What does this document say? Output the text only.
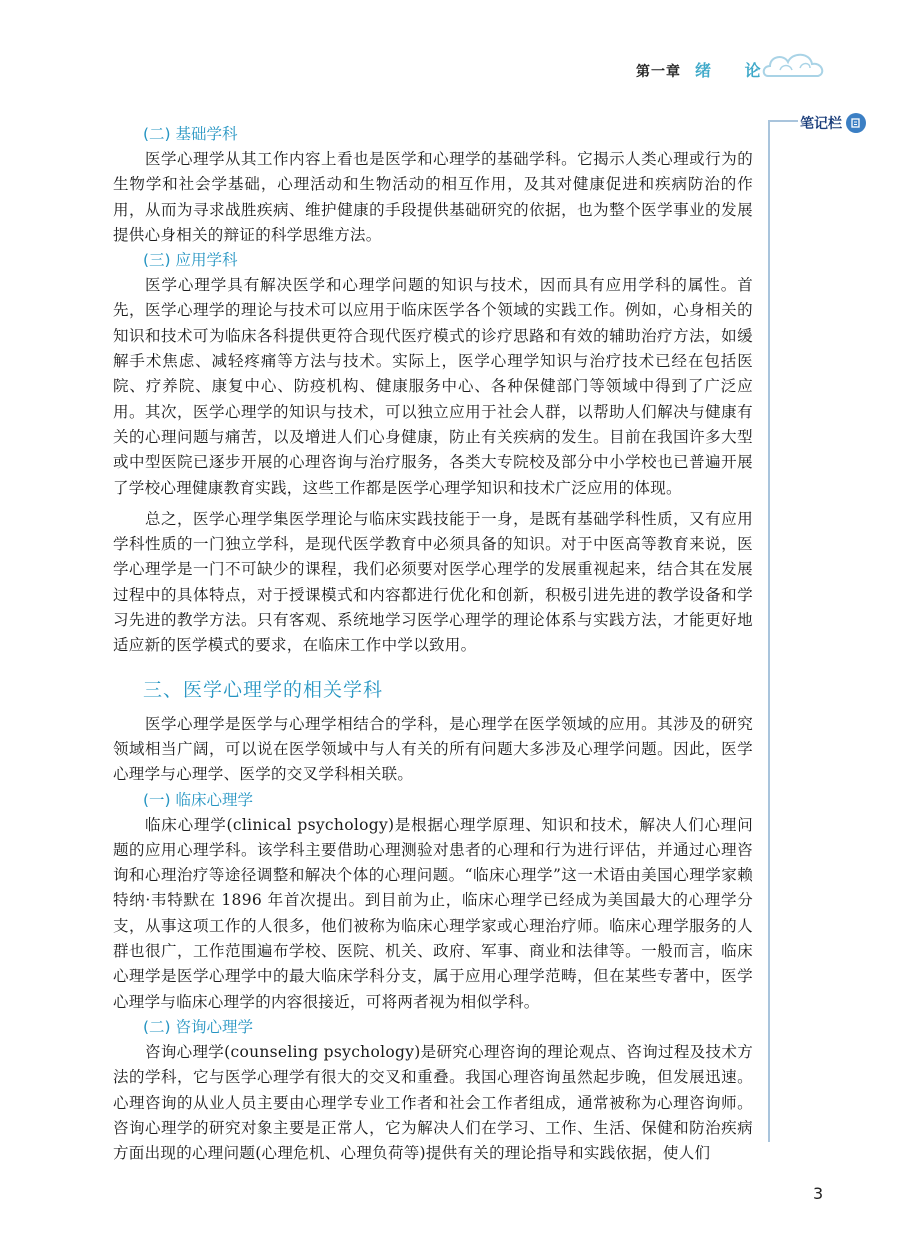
第一章 绪 论
笔记栏
(二) 基础学科

医学心理学从其工作内容上看也是医学和心理学的基础学科。它揭示人类心理或行为的生物学和社会学基础，心理活动和生物活动的相互作用，及其对健康促进和疾病防治的作用，从而为寻求战胜疾病、维护健康的手段提供基础研究的依据，也为整个医学事业的发展提供心身相关的辩证的科学思维方法。

(三) 应用学科

医学心理学具有解决医学和心理学问题的知识与技术，因而具有应用学科的属性。首先，医学心理学的理论与技术可以应用于临床医学各个领域的实践工作。例如，心身相关的知识和技术可为临床各科提供更符合现代医疗模式的诊疗思路和有效的辅助治疗方法，如缓解手术焦虑、减轻疼痛等方法与技术。实际上，医学心理学知识与治疗技术已经在包括医院、疗养院、康复中心、防疫机构、健康服务中心、各种保健部门等领域中得到了广泛应用。其次，医学心理学的知识与技术，可以独立应用于社会人群，以帮助人们解决与健康有关的心理问题与痛苦，以及增进人们心身健康，防止有关疾病的发生。目前在我国许多大型或中型医院已逐步开展的心理咨询与治疗服务，各类大专院校及部分中小学校也已普遍开展了学校心理健康教育实践，这些工作都是医学心理学知识和技术广泛应用的体现。

总之，医学心理学集医学理论与临床实践技能于一身，是既有基础学科性质，又有应用学科性质的一门独立学科，是现代医学教育中必须具备的知识。对于中医高等教育来说，医学心理学是一门不可缺少的课程，我们必须要对医学心理学的发展重视起来，结合其在发展过程中的具体特点，对于授课模式和内容都进行优化和创新，积极引进先进的教学设备和学习先进的教学方法。只有客观、系统地学习医学心理学的理论体系与实践方法，才能更好地适应新的医学模式的要求，在临床工作中学以致用。

三、医学心理学的相关学科

医学心理学是医学与心理学相结合的学科，是心理学在医学领域的应用。其涉及的研究领域相当广阔，可以说在医学领域中与人有关的所有问题大多涉及心理学问题。因此，医学心理学与心理学、医学的交叉学科相关联。

(一) 临床心理学

临床心理学(clinical psychology)是根据心理学原理、知识和技术，解决人们心理问题的应用心理学科。该学科主要借助心理测验对患者的心理和行为进行评估，并通过心理咨询和心理治疗等途径调整和解决个体的心理问题。“临床心理学”这一术语由美国心理学家赖特纳·韦特默在 1896 年首次提出。到目前为止，临床心理学已经成为美国最大的心理学分支，从事这项工作的人很多，他们被称为临床心理学家或心理治疗师。临床心理学服务的人群也很广，工作范围遍布学校、医院、机关、政府、军事、商业和法律等。一般而言，临床心理学是医学心理学中的最大临床学科分支，属于应用心理学范畴，但在某些专著中，医学心理学与临床心理学的内容很接近，可将两者视为相似学科。

(二) 咨询心理学

咨询心理学(counseling psychology)是研究心理咨询的理论观点、咨询过程及技术方法的学科，它与医学心理学有很大的交叉和重叠。我国心理咨询虽然起步晚，但发展迅速。心理咨询的从业人员主要由心理学专业工作者和社会工作者组成，通常被称为心理咨询师。咨询心理学的研究对象主要是正常人，它为解决人们在学习、工作、生活、保健和防治疾病方面出现的心理问题(心理危机、心理负荷等)提供有关的理论指导和实践依据，使人们

3
